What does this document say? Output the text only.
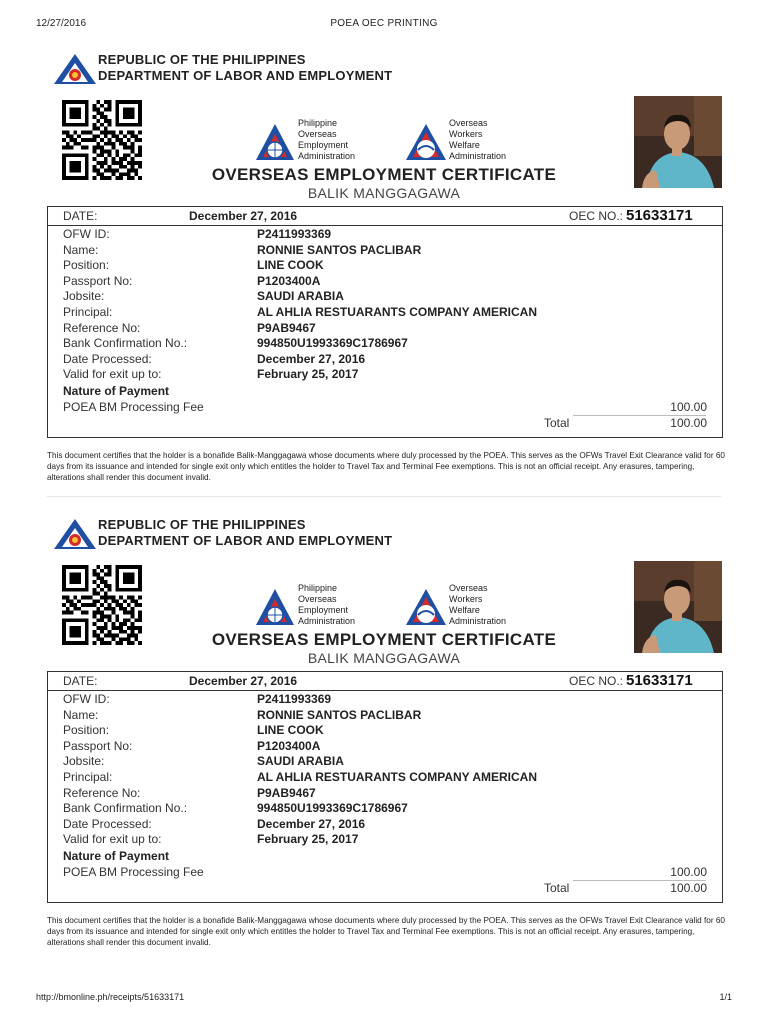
12/27/2016	POEA OEC PRINTING
REPUBLIC OF THE PHILIPPINES
DEPARTMENT OF LABOR AND EMPLOYMENT
Philippine
Overseas
Employment
Administration
Overseas
Workers
Welfare
Administration
OVERSEAS EMPLOYMENT CERTIFICATE
BALIK MANGGAGAWA
DATE:	December 27, 2016	OEC NO.: 51633171
OFW ID:	P2411993369
Name:	RONNIE SANTOS PACLIBAR
Position:	LINE COOK
Passport No:	P1203400A
Jobsite:	SAUDI ARABIA
Principal:	AL AHLIA RESTUARANTS COMPANY AMERICAN
Reference No:	P9AB9467
Bank Confirmation No.:	994850U1993369C1786967
Date Processed:	December 27, 2016
Valid for exit up to:	February 25, 2017
Nature of Payment
POEA BM Processing Fee	100.00
Total	100.00
This document certifies that the holder is a bonafide Balik-Manggagawa whose documents where duly processed by the POEA. This serves as the OFWs Travel Exit Clearance valid for 60 days from its issuance and intended for single exit only which entitles the holder to Travel Tax and Terminal Fee exemptions. This is not an official receipt. Any erasures, tampering, alterations shall render this document invalid.
REPUBLIC OF THE PHILIPPINES
DEPARTMENT OF LABOR AND EMPLOYMENT
Philippine
Overseas
Employment
Administration
Overseas
Workers
Welfare
Administration
OVERSEAS EMPLOYMENT CERTIFICATE
BALIK MANGGAGAWA
DATE:	December 27, 2016	OEC NO.: 51633171
OFW ID:	P2411993369
Name:	RONNIE SANTOS PACLIBAR
Position:	LINE COOK
Passport No:	P1203400A
Jobsite:	SAUDI ARABIA
Principal:	AL AHLIA RESTUARANTS COMPANY AMERICAN
Reference No:	P9AB9467
Bank Confirmation No.:	994850U1993369C1786967
Date Processed:	December 27, 2016
Valid for exit up to:	February 25, 2017
Nature of Payment
POEA BM Processing Fee	100.00
Total	100.00
This document certifies that the holder is a bonafide Balik-Manggagawa whose documents where duly processed by the POEA. This serves as the OFWs Travel Exit Clearance valid for 60 days from its issuance and intended for single exit only which entitles the holder to Travel Tax and Terminal Fee exemptions. This is not an official receipt. Any erasures, tampering, alterations shall render this document invalid.
http://bmonline.ph/receipts/51633171	1/1
